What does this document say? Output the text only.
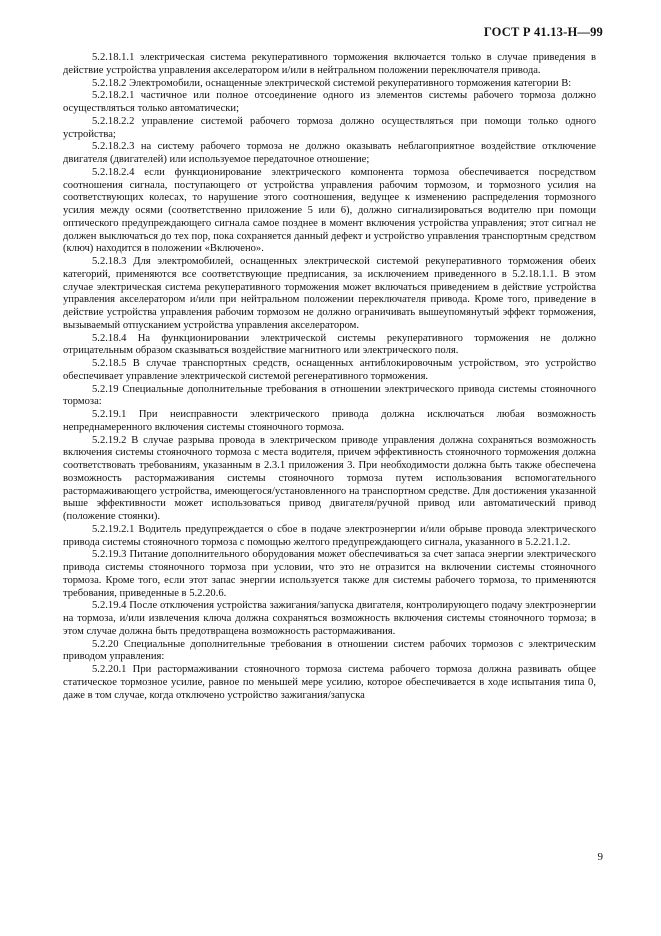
ГОСТ Р 41.13-Н—99

5.2.18.1.1 электрическая система рекуперативного торможения включается только в случае приведения в действие устройства управления акселератором и/или в нейтральном положении переключателя привода.

5.2.18.2 Электромобили, оснащенные электрической системой рекуперативного торможения категории В:

5.2.18.2.1 частичное или полное отсоединение одного из элементов системы рабочего тормоза должно осуществляться только автоматически;

5.2.18.2.2 управление системой рабочего тормоза должно осуществляться при помощи только одного устройства;

5.2.18.2.3 на систему рабочего тормоза не должно оказывать неблагоприятное воздействие отключение двигателя (двигателей) или используемое передаточное отношение;

5.2.18.2.4 если функционирование электрического компонента тормоза обеспечивается посредством соотношения сигнала, поступающего от устройства управления рабочим тормозом, и тормозного усилия на соответствующих колесах, то нарушение этого соотношения, ведущее к изменению распределения тормозного усилия между осями (соответственно приложение 5 или 6), должно сигнализироваться водителю при помощи оптического предупреждающего сигнала самое позднее в момент включения устройства управления; этот сигнал не должен выключаться до тех пор, пока сохраняется данный дефект и устройство управления транспортным средством (ключ) находится в положении «Включено».

5.2.18.3 Для электромобилей, оснащенных электрической системой рекуперативного торможения обеих категорий, применяются все соответствующие предписания, за исключением приведенного в 5.2.18.1.1. В этом случае электрическая система рекуперативного торможения может включаться приведением в действие устройства управления акселератором и/или при нейтральном положении переключателя привода. Кроме того, приведение в действие устройства управления рабочим тормозом не должно ограничивать вышеупомянутый эффект торможения, вызываемый отпусканием устройства управления акселератором.

5.2.18.4 На функционировании электрической системы рекуперативного торможения не должно отрицательным образом сказываться воздействие магнитного или электрического поля.

5.2.18.5 В случае транспортных средств, оснащенных антиблокировочным устройством, это устройство обеспечивает управление электрической системой регенеративного торможения.

5.2.19 Специальные дополнительные требования в отношении электрического привода системы стояночного тормоза:

5.2.19.1 При неисправности электрического привода должна исключаться любая возможность непреднамеренного включения системы стояночного тормоза.

5.2.19.2 В случае разрыва провода в электрическом приводе управления должна сохраняться возможность включения системы стояночного тормоза с места водителя, причем эффективность стояночного торможения должна соответствовать требованиям, указанным в 2.3.1 приложения 3. При необходимости должна быть также обеспечена возможность растормаживания системы стояночного тормоза путем использования вспомогательного растормаживающего устройства, имеющегося/установленного на транспортном средстве. Для достижения указанной выше эффективности может использоваться привод двигателя/ручной привод или автоматический привод (положение стоянки).

5.2.19.2.1 Водитель предупреждается о сбое в подаче электроэнергии и/или обрыве провода электрического привода системы стояночного тормоза с помощью желтого предупреждающего сигнала, указанного в 5.2.21.1.2.

5.2.19.3 Питание дополнительного оборудования может обеспечиваться за счет запаса энергии электрического привода системы стояночного тормоза при условии, что это не отразится на включении системы стояночного тормоза. Кроме того, если этот запас энергии используется также для системы рабочего тормоза, то применяются требования, приведенные в 5.2.20.6.

5.2.19.4 После отключения устройства зажигания/запуска двигателя, контролирующего подачу электроэнергии на тормоза, и/или извлечения ключа должна сохраняться возможность включения системы стояночного тормоза; в этом случае должна быть предотвращена возможность растормaживания.

5.2.20 Специальные дополнительные требования в отношении систем рабочих тормозов с электрическим приводом управления:

5.2.20.1 При растормаживании стояночного тормоза система рабочего тормоза должна развивать общее статическое тормозное усилие, равное по меньшей мере усилию, которое обеспечивается в ходе испытания типа 0, даже в том случае, когда отключено устройство зажигания/запуска

9
